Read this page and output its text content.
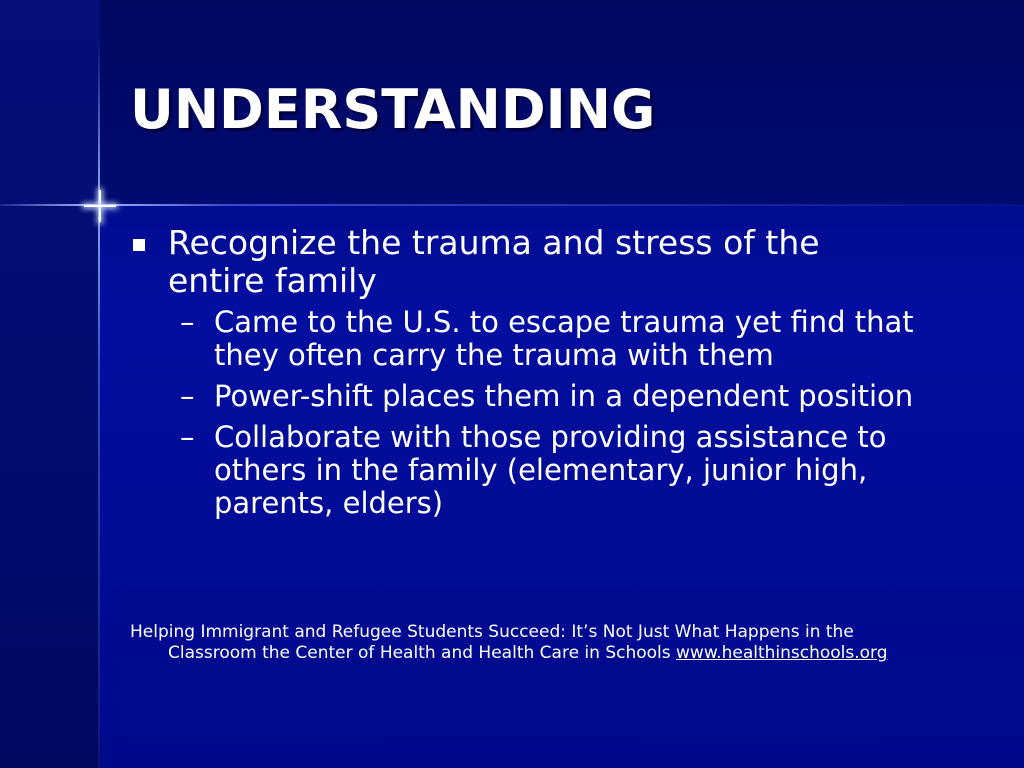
UNDERSTANDING
Recognize the trauma and stress of the
entire family
– Came to the U.S. to escape trauma yet find that
they often carry the trauma with them
– Power-shift places them in a dependent position
– Collaborate with those providing assistance to
others in the family (elementary, junior high,
parents, elders)
Helping Immigrant and Refugee Students Succeed: It’s Not Just What Happens in the
Classroom the Center of Health and Health Care in Schools www.healthinschools.org
